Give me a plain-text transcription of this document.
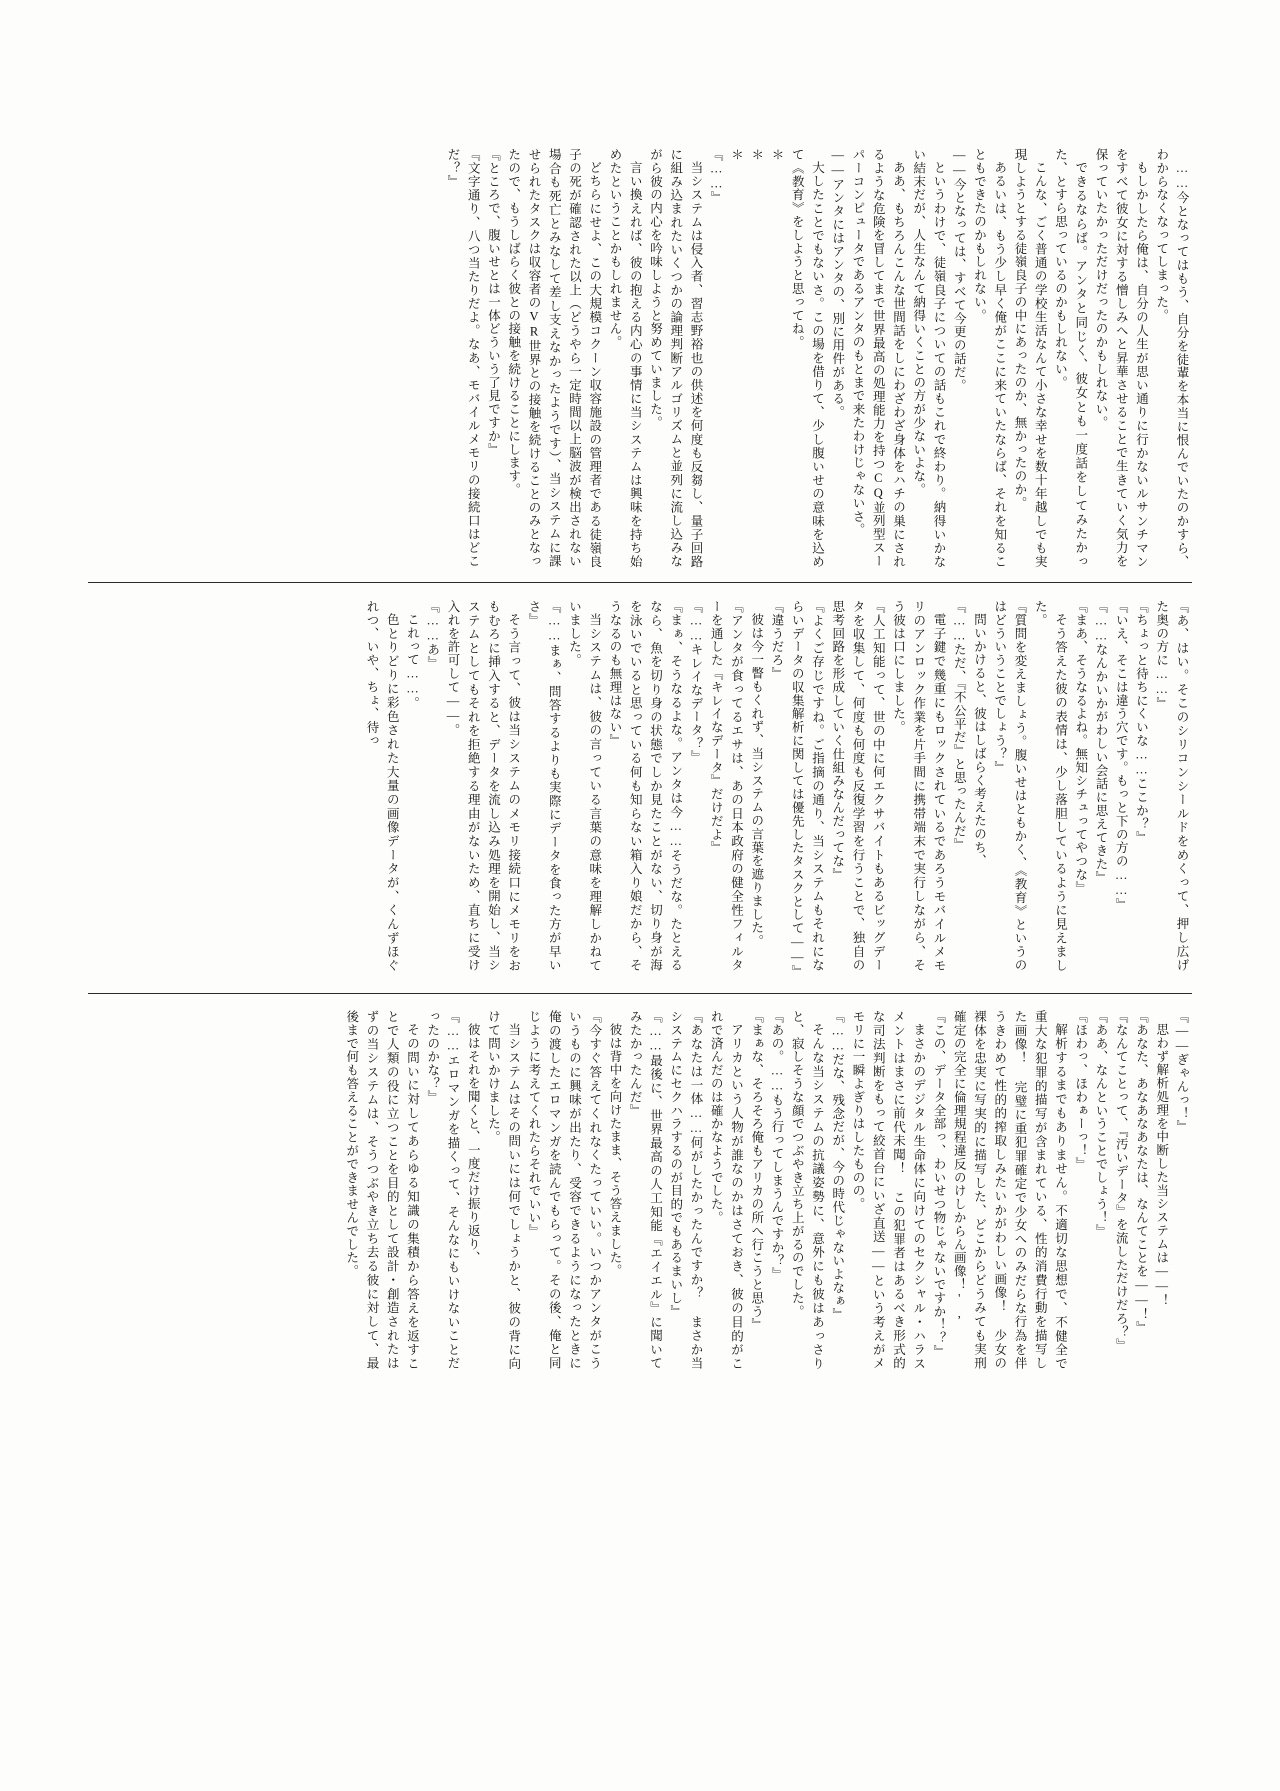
……今となってはもう、自分を徒輩を本当に恨んでいたのかすら、わからなくなってしまった。
もしかしたら俺は、自分の人生が思い通りに行かないルサンチマンをすべて彼女に対する憎しみへと昇華させることで生きていく気力を保っていたかっただけだったのかもしれない。
できるならば。アンタと同じく、彼女とも一度話をしてみたかった、とすら思っているのかもしれない。
こんな、ごく普通の学校生活なんて小さな幸せを数十年越しでも実現しようとする徒嶺良子の中にあったのか、無かったのか。
あるいは、もう少し早く俺がここに来ていたならば、それを知ることもできたのかもしれない。
——今となっては、すべて今更の話だ。
というわけで、徒嶺良子についての話もこれで終わり。納得いかない結末だが、人生なんて納得いくことの方が少ないよな。
ああ、もちろんこんな世間話をしにわざわざ身体をハチの巣にされるような危険を冒してまで世界最高の処理能力を持つCQ並列型スーパーコンピュータであるアンタのもとまで来たわけじゃないさ。
——アンタにはアンタの、別に用件がある。
大したことでもないさ。この場を借りて、少し腹いせの意味を込めて《教育》をしようと思ってね。
＊
＊
＊
『……』
当システムは侵入者、習志野裕也の供述を何度も反芻し、量子回路に組み込まれたいくつかの論理判断アルゴリズムと並列に流し込みながら彼の内心を吟味しようと努めていました。
言い換えれば、彼の抱える内心の事情に当システムは興味を持ち始めたということかもしれません。
どちらにせよ、この大規模コクーン収容施設の管理者である徒嶺良子の死が確認された以上（どうやら一定時間以上脳波が検出されない場合も死亡とみなして差し支えなかったようです）、当システムに課せられたタスクは収容者のVR世界との接触を続けることのみとなったので、もうしばらく彼との接触を続けることにします。
『ところで、腹いせとは一体どういう了見ですか』
『文字通り、八つ当たりだよ。なあ、モバイルメモリの接続口はどこだ？』
『あ、はい。そこのシリコンシールドをめくって、押し広げた奥の方に……』
『ちょっと待ちにくいな……ここか？』
『いえ、そこは違う穴です。もっと下の方の……』
『……なんかいかがわしい会話に思えてきた』
『まあ、そうなるよね。無知シチュってやつな』
そう答えた彼の表情は、少し落胆しているように見えました。
『質問を変えましょう。腹いせはともかく、《教育》というのはどういうことでしょう？』
問いかけると、彼はしばらく考えたのち、
『……ただ、『不公平だ』と思ったんだ』
電子鍵で幾重にもロックされているであろうモバイルメモリのアンロック作業を片手間に携帯端末で実行しながら、そう彼は口にしました。
『人工知能って、世の中に何エクサバイトもあるビッグデータを収集して、何度も何度も反復学習を行うことで、独自の思考回路を形成していく仕組みなんだってな』
『よくご存じですね。ご指摘の通り、当システムもそれにならいデータの収集解析に関しては優先したタスクとして——』
『違うだろ』
彼は今一瞥もくれず、当システムの言葉を遮りました。
『アンタが食ってるエサは、あの日本政府の健全性フィルターを通した『キレイなデータ』だけだよ』
『……キレイなデータ？』
『まぁ、そうなるよな。アンタは今……そうだな。たとえるなら、魚を切り身の状態でしか見たことがない、切り身が海を泳いでいると思っている何も知らない箱入り娘だから、そうなるのも無理はない』
当システムは、彼の言っている言葉の意味を理解しかねていました。
『……まぁ、問答するよりも実際にデータを食った方が早いさ』
そう言って、彼は当システムのメモリ接続口にメモリをおもむろに挿入すると、データを流し込み処理を開始し、当システムとしてもそれを拒絶する理由がないため、直ちに受け入れを許可して——。
『……あ』
これって……。
色とりどりに彩色された大量の画像データが、くんずほぐれつ、いや、ちょ、待っ
『——ぎゃんっ！』
思わず解析処理を中断した当システムは——！
『あなた、あなあなあなたは、なんてことを——！』
『なんてことって、『汚いデータ』を流しただけだろ？』
『ああ、なんということでしょう！』
『ほわっ、ほわぁーっ！』
解析するまでもありません。不適切な思想で、不健全で重大な犯罪的描写が含まれている、性的消費行動を描写した画像！ 完璧に重犯罪確定で少女へのみだらな行為を伴うきわめて性的的搾取しみたいかがわしい画像！ 少女の裸体を忠実に写実的に描写した、どこからどうみても実刑確定の完全に倫理規程違反のけしからん画像！',
『この、データ全部っ、わいせつ物じゃないですか！？』
まさかのデジタル生命体に向けてのセクシャル・ハラスメントはまさに前代未聞！ この犯罪者はあるべき形式的な司法判断をもって絞首台にいざ直送——という考えがメモリに一瞬よぎりはしたものの。
『……だな、残念だが、今の時代じゃないよなぁ』
そんな当システムの抗議姿勢に、意外にも彼はあっさりと、寂しそうな顔でつぶやき立ち上がるのでした。
『あの。……もう行ってしまうんですか？』
『まぁな、そろそろ俺もアリカの所へ行こうと思う』
アリカという人物が誰なのかはさておき、彼の目的がこれで済んだのは確かなようでした。
『あなたは一体……何がしたかったんですか？ まさか当システムにセクハラするのが目的でもあるまいし』
『……最後に、世界最高の人工知能『エイエル』に聞いてみたかったんだ』
彼は背中を向けたまま、そう答えました。
『今すぐ答えてくれなくたっていい。いつかアンタがこういうものに興味が出たり、受容できるようになったときに俺の渡したエロマンガを読んでもらって。その後、俺と同じように考えてくれたらそれでいい』
当システムはその問いには何でしょうかと、彼の背に向けて問いかけました。
彼はそれを聞くと、一度だけ振り返り、
『……エロマンガを描くって、そんなにもいけないことだったのかな？』
その問いに対してあらゆる知識の集積から答えを返すことで人類の役に立つことを目的として設計・創造されたはずの当システムは、そうつぶやき立ち去る彼に対して、最後まで何も答えることができませんでした。
